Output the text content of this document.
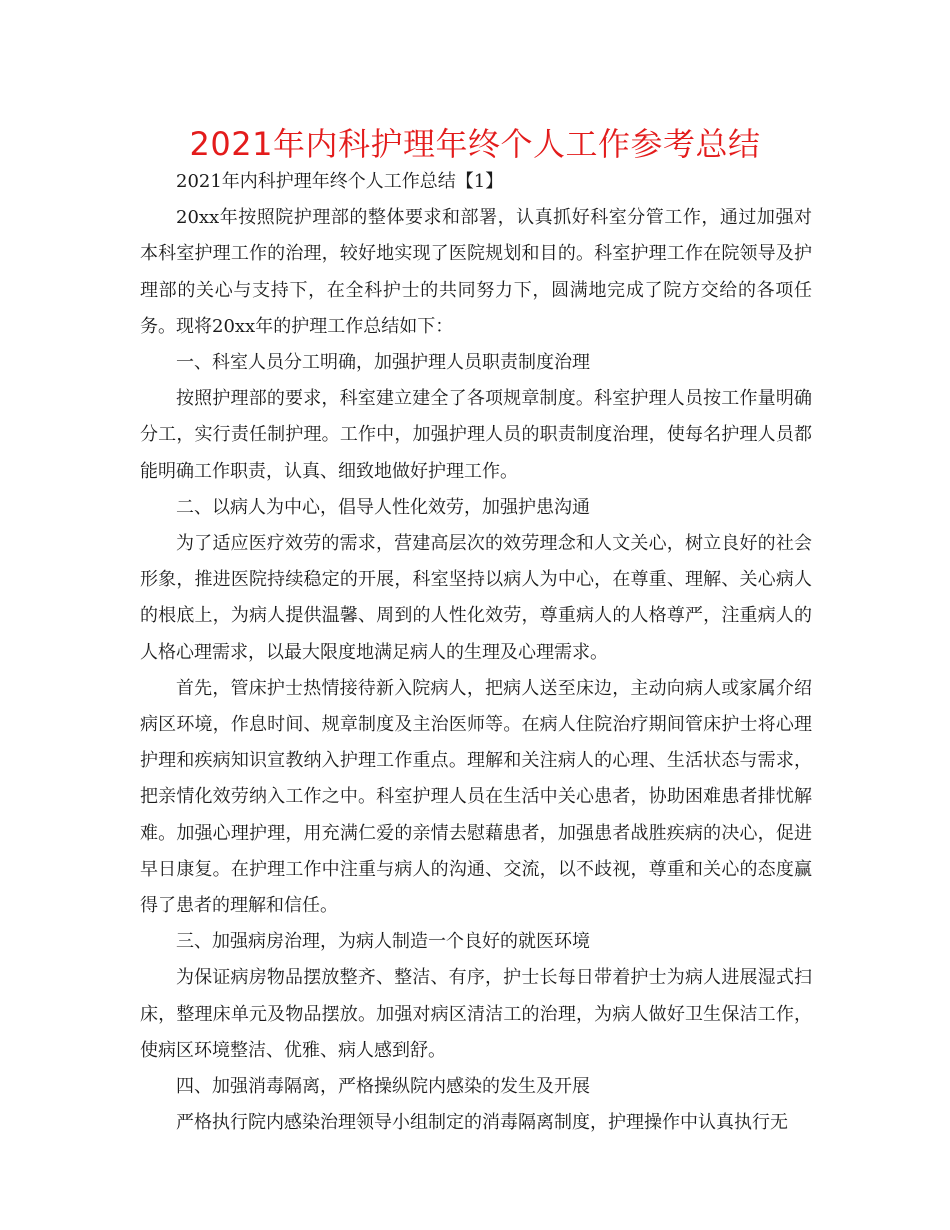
2021年内科护理年终个人工作参考总结

2021年内科护理年终个人工作总结【1】

20xx年按照院护理部的整体要求和部署，认真抓好科室分管工作，通过加强对本科室护理工作的治理，较好地实现了医院规划和目的。科室护理工作在院领导及护理部的关心与支持下，在全科护士的共同努力下，圆满地完成了院方交给的各项任务。现将20xx年的护理工作总结如下：

一、科室人员分工明确，加强护理人员职责制度治理

按照护理部的要求，科室建立建全了各项规章制度。科室护理人员按工作量明确分工，实行责任制护理。工作中，加强护理人员的职责制度治理，使每名护理人员都能明确工作职责，认真、细致地做好护理工作。

二、以病人为中心，倡导人性化效劳，加强护患沟通

为了适应医疗效劳的需求，营建高层次的效劳理念和人文关心，树立良好的社会形象，推进医院持续稳定的开展，科室坚持以病人为中心，在尊重、理解、关心病人的根底上，为病人提供温馨、周到的人性化效劳，尊重病人的人格尊严，注重病人的人格心理需求，以最大限度地满足病人的生理及心理需求。

首先，管床护士热情接待新入院病人，把病人送至床边，主动向病人或家属介绍病区环境，作息时间、规章制度及主治医师等。在病人住院治疗期间管床护士将心理护理和疾病知识宣教纳入护理工作重点。理解和关注病人的心理、生活状态与需求，把亲情化效劳纳入工作之中。科室护理人员在生活中关心患者，协助困难患者排忧解难。加强心理护理，用充满仁爱的亲情去慰藉患者，加强患者战胜疾病的决心，促进早日康复。在护理工作中注重与病人的沟通、交流，以不歧视，尊重和关心的态度赢得了患者的理解和信任。

三、加强病房治理，为病人制造一个良好的就医环境

为保证病房物品摆放整齐、整洁、有序，护士长每日带着护士为病人进展湿式扫床，整理床单元及物品摆放。加强对病区清洁工的治理，为病人做好卫生保洁工作，使病区环境整洁、优雅、病人感到舒。

四、加强消毒隔离，严格操纵院内感染的发生及开展

严格执行院内感染治理领导小组制定的消毒隔离制度，护理操作中认真执行无
